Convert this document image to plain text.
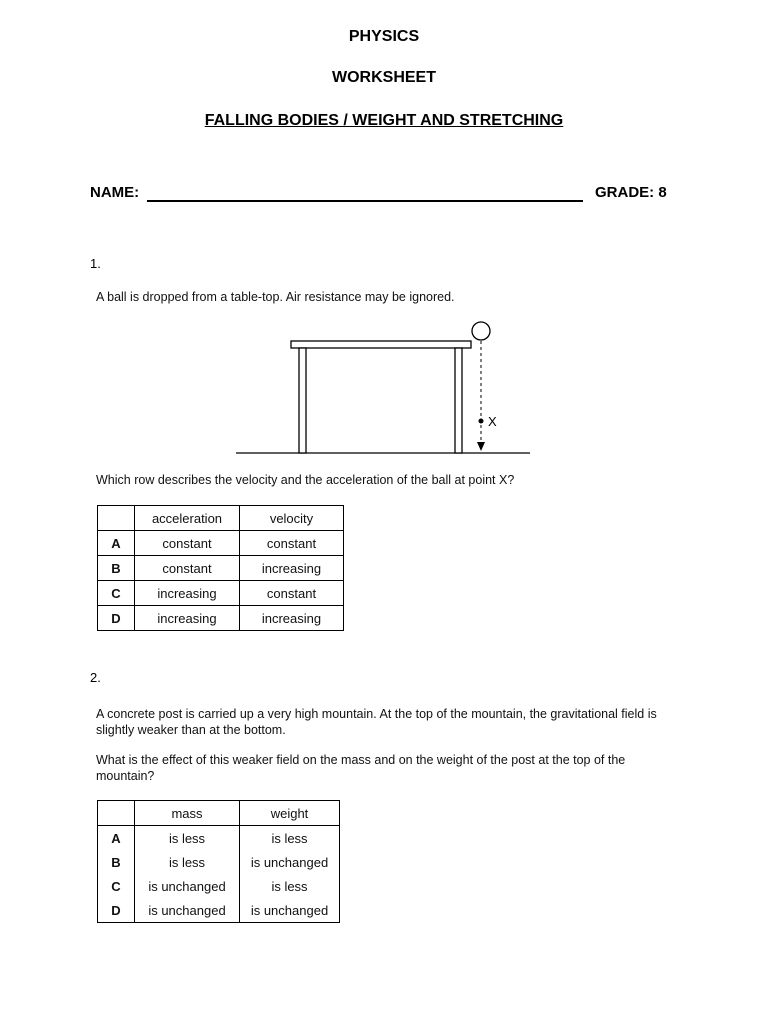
PHYSICS
WORKSHEET
FALLING BODIES / WEIGHT AND STRETCHING
NAME:	GRADE: 8
1.
A ball is dropped from a table-top. Air resistance may be ignored.
X
Which row describes the velocity and the acceleration of the ball at point X?
	acceleration	velocity
A	constant	constant
B	constant	increasing
C	increasing	constant
D	increasing	increasing
2.
A concrete post is carried up a very high mountain. At the top of the mountain, the gravitational field is slightly weaker than at the bottom.
What is the effect of this weaker field on the mass and on the weight of the post at the top of the mountain?
	mass	weight
A	is less	is less
B	is less	is unchanged
C	is unchanged	is less
D	is unchanged	is unchanged
